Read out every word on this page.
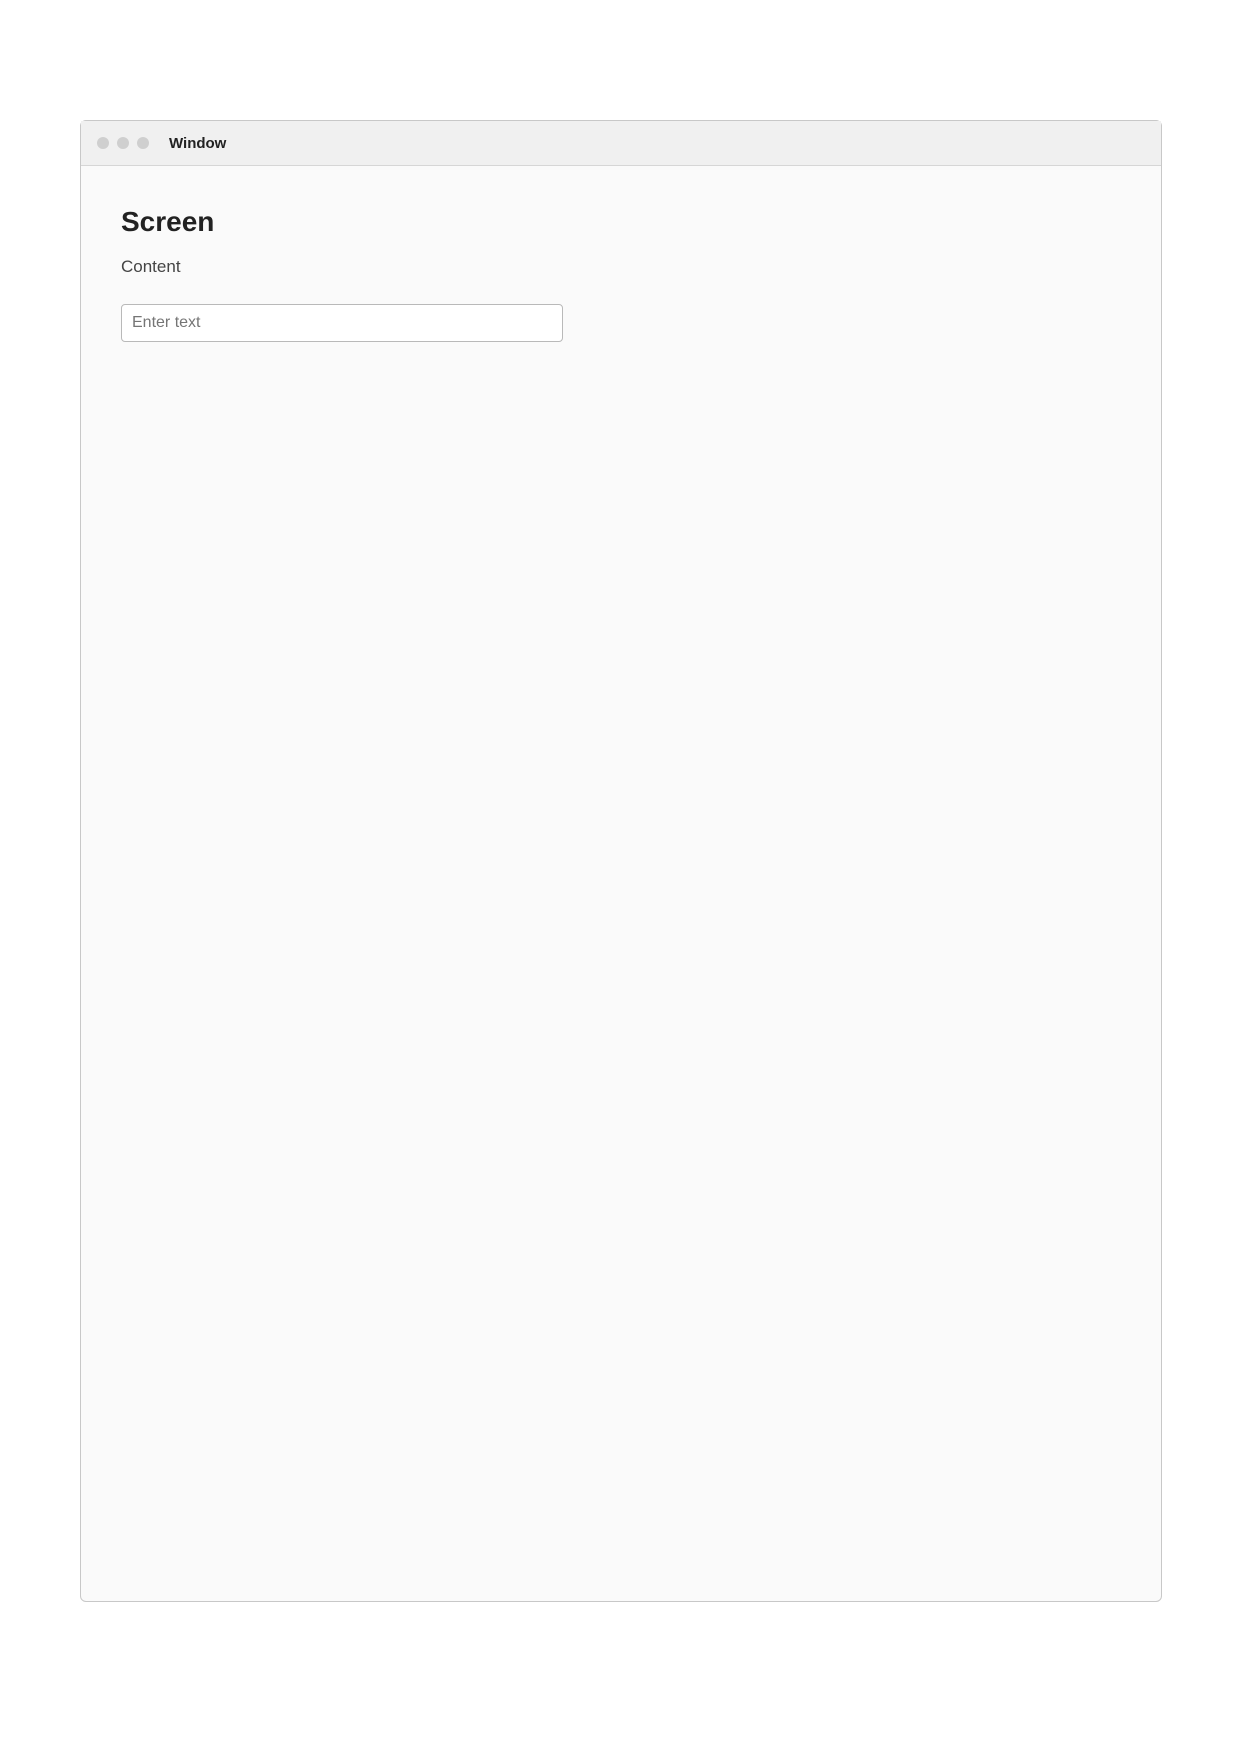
Window
Screen

Content

Enter text
